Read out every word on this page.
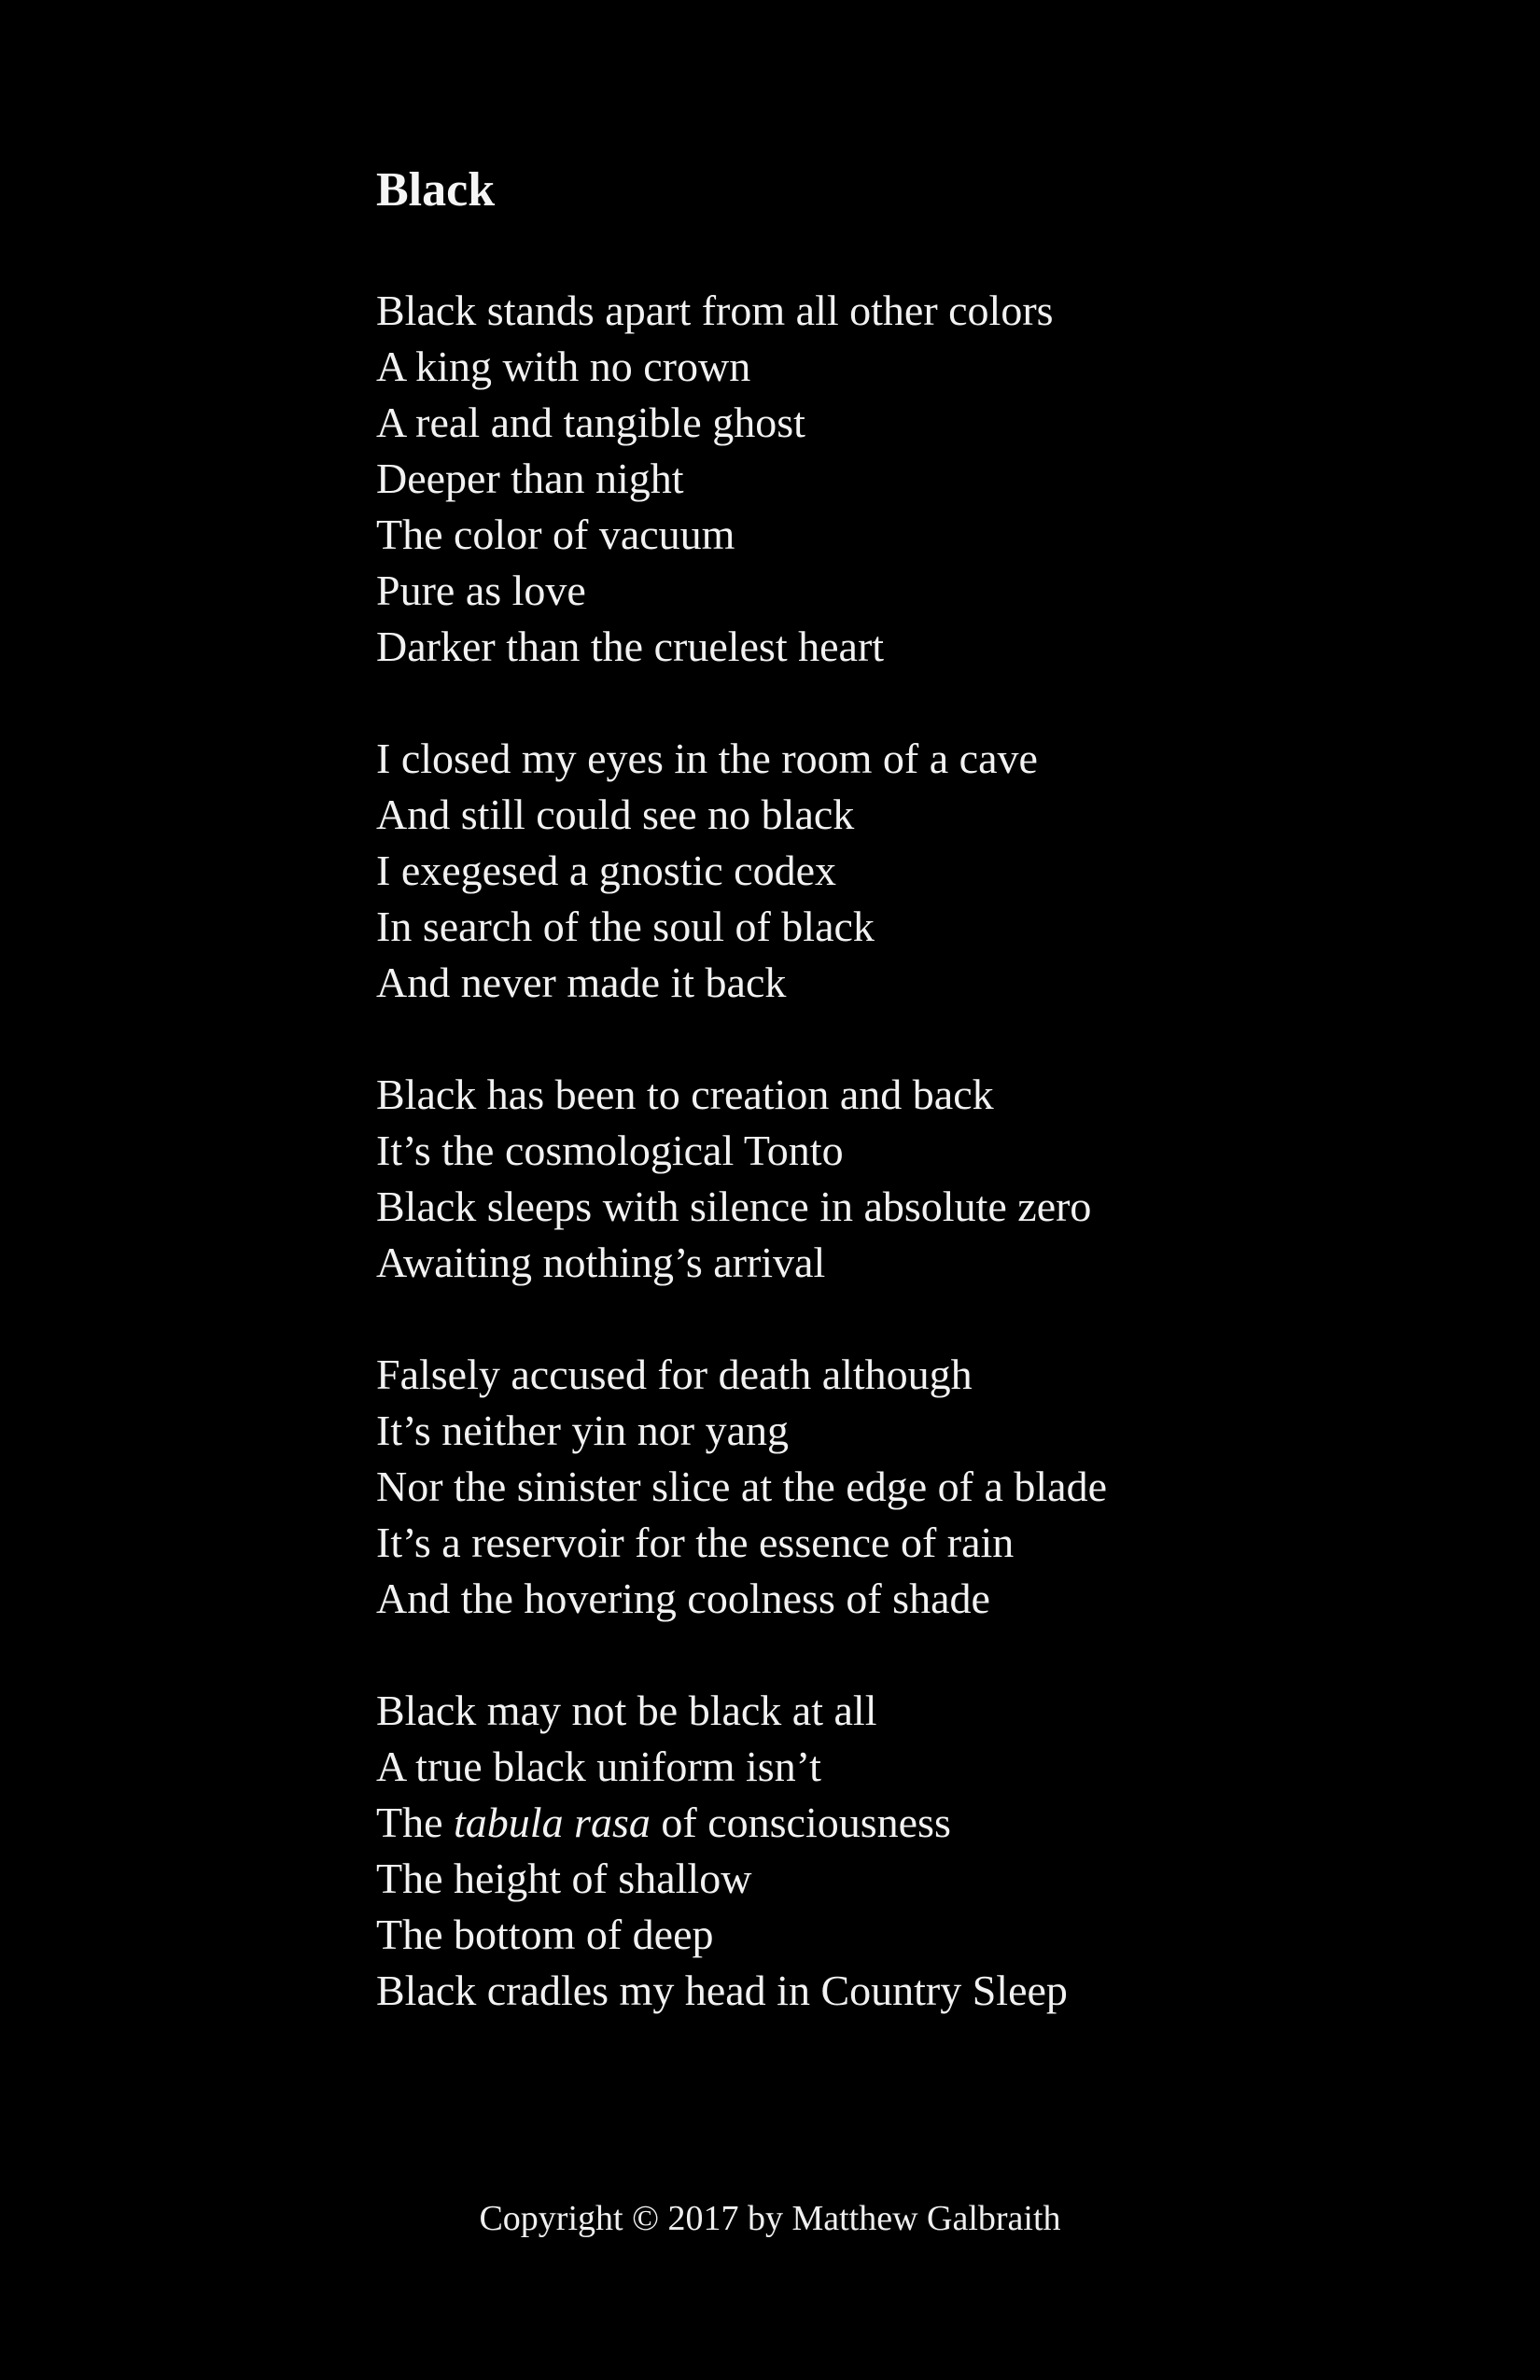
Black
Black stands apart from all other colors
A king with no crown
A real and tangible ghost
Deeper than night
The color of vacuum
Pure as love
Darker than the cruelest heart
I closed my eyes in the room of a cave
And still could see no black
I exegesed a gnostic codex
In search of the soul of black
And never made it back
Black has been to creation and back
It’s the cosmological Tonto
Black sleeps with silence in absolute zero
Awaiting nothing’s arrival
Falsely accused for death although
It’s neither yin nor yang
Nor the sinister slice at the edge of a blade
It’s a reservoir for the essence of rain
And the hovering coolness of shade
Black may not be black at all
A true black uniform isn’t
The tabula rasa of consciousness
The height of shallow
The bottom of deep
Black cradles my head in Country Sleep
Copyright © 2017 by Matthew Galbraith
